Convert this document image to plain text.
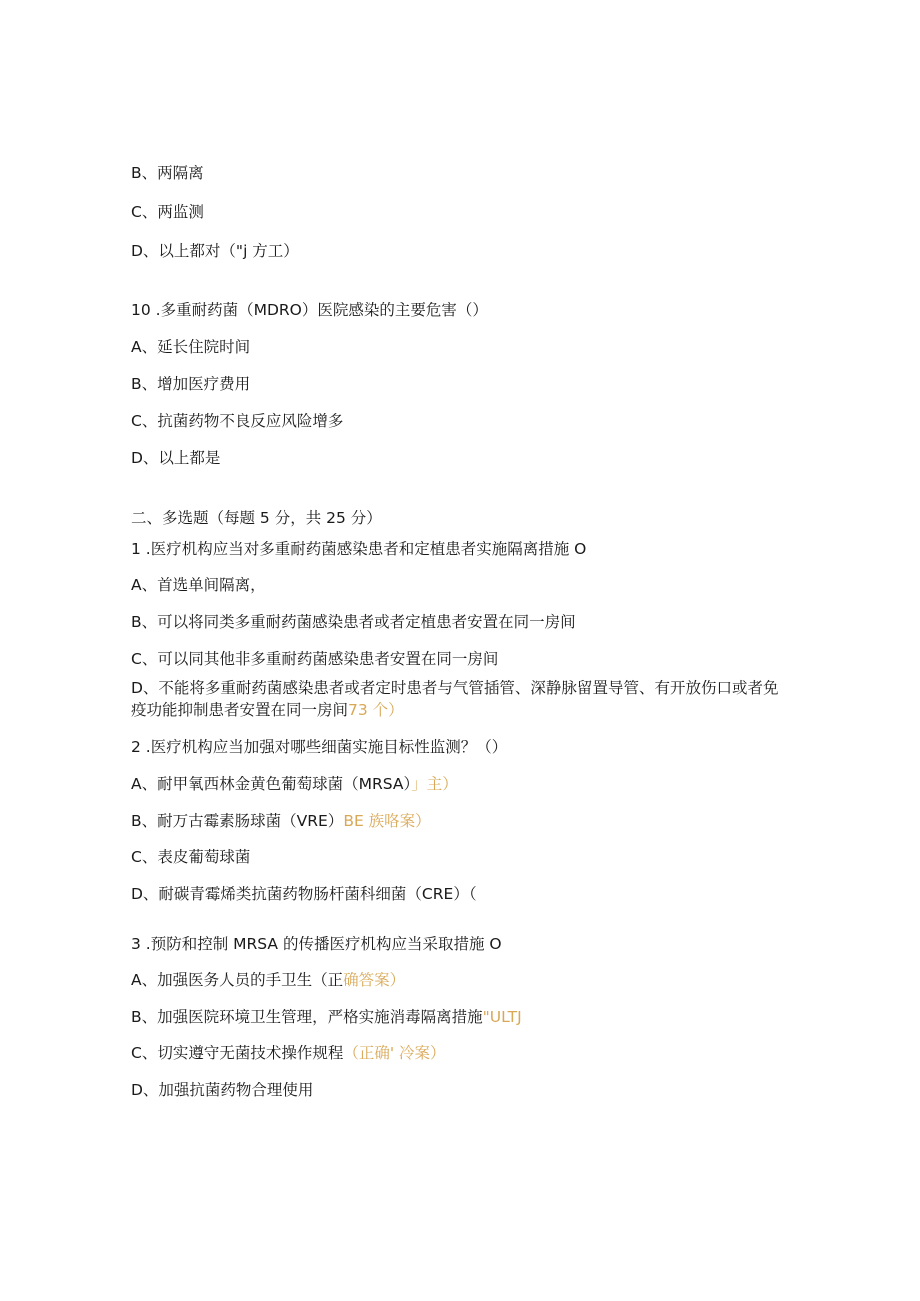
B、两隔离
C、两监测
D、以上都对（"j 方工）
10 .多重耐药菌（MDRO）医院感染的主要危害（）
A、延长住院时间
B、增加医疗费用
C、抗菌药物不良反应风险增多
D、以上都是
二、多选题（每题 5 分，共 25 分）
1 .医疗机构应当对多重耐药菌感染患者和定植患者实施隔离措施 O
A、首选单间隔离，
B、可以将同类多重耐药菌感染患者或者定植患者安置在同一房间
C、可以同其他非多重耐药菌感染患者安置在同一房间
2 .医疗机构应当加强对哪些细菌实施目标性监测？（）
C、表皮葡萄球菌
D、耐碳青霉烯类抗菌药物肠杆菌科细菌（CRE）（
3 .预防和控制 MRSA 的传播医疗机构应当采取措施 O
D、加强抗菌药物合理使用
D、不能将多重耐药菌感染患者或者定时患者与气管插管、深静脉留置导管、有开放伤口或者免疫功能抑制患者安置在同一房间73 个）
A、耐甲氧西林金黄色葡萄球菌（MRSA）」主）
B、耐万古霉素肠球菌（VRE）BE 族咯案）
A、加强医务人员的手卫生（正确答案）
B、加强医院环境卫生管理，严格实施消毒隔离措施"ULTJ
C、切实遵守无菌技术操作规程（正确' 冷案）
